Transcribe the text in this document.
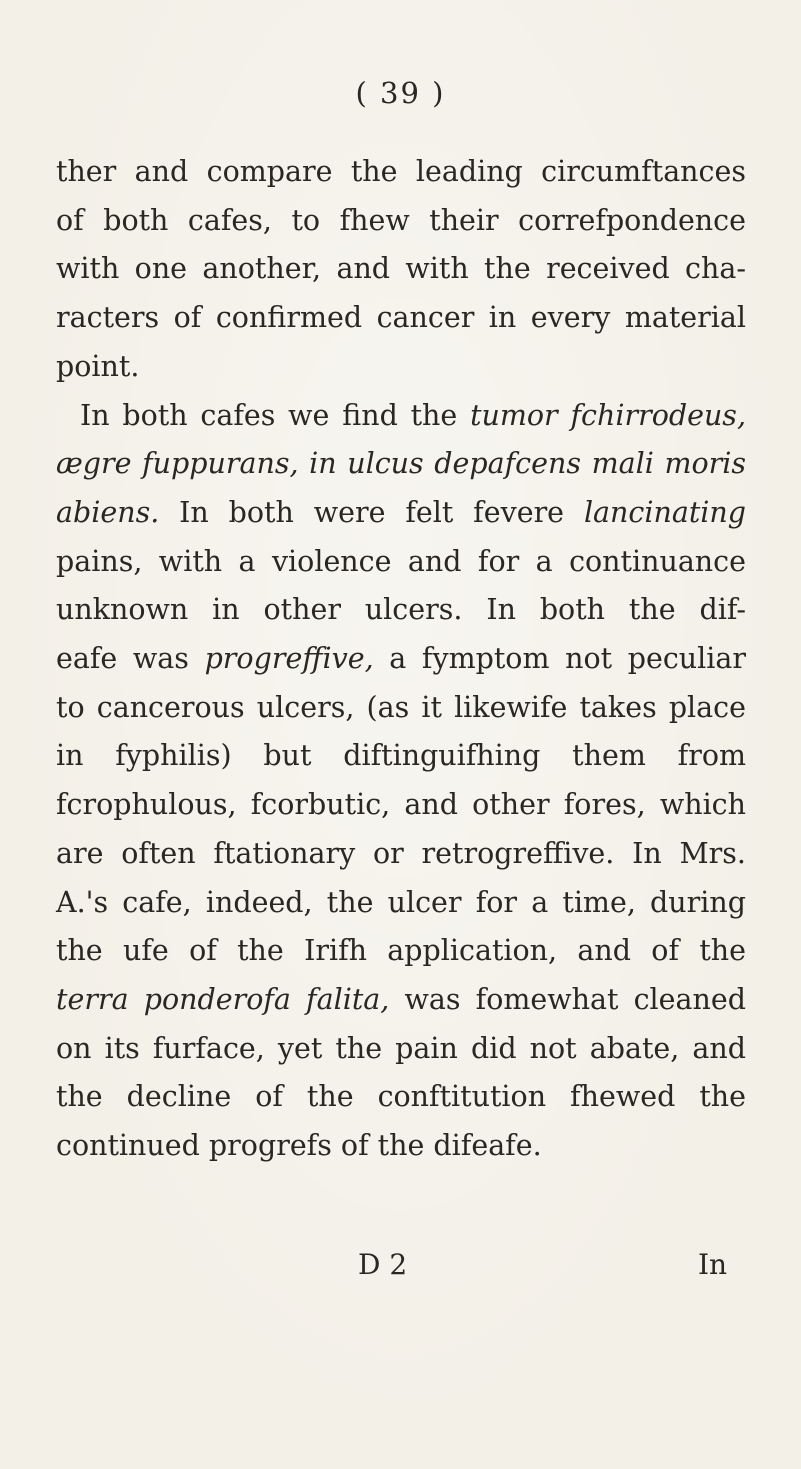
( 39 )
ther and compare the leading circumftances
of both cafes, to fhew their correfpondence
with one another, and with the received cha-
racters of confirmed cancer in every material
point.
In both cafes we find the tumor fchirrodeus,
ægre fuppurans, in ulcus depafcens mali moris
abiens. In both were felt fevere lancinating
pains, with a violence and for a continuance
unknown in other ulcers. In both the dif-
eafe was progreffive, a fymptom not peculiar
to cancerous ulcers, (as it likewife takes place
in fyphilis) but diftinguifhing them from
fcrophulous, fcorbutic, and other fores, which
are often ftationary or retrogreffive. In Mrs.
A.'s cafe, indeed, the ulcer for a time, during
the ufe of the Irifh application, and of the
terra ponderofa falita, was fomewhat cleaned
on its furface, yet the pain did not abate, and
the decline of the conftitution fhewed the
continued progrefs of the difeafe.
D 2	In
